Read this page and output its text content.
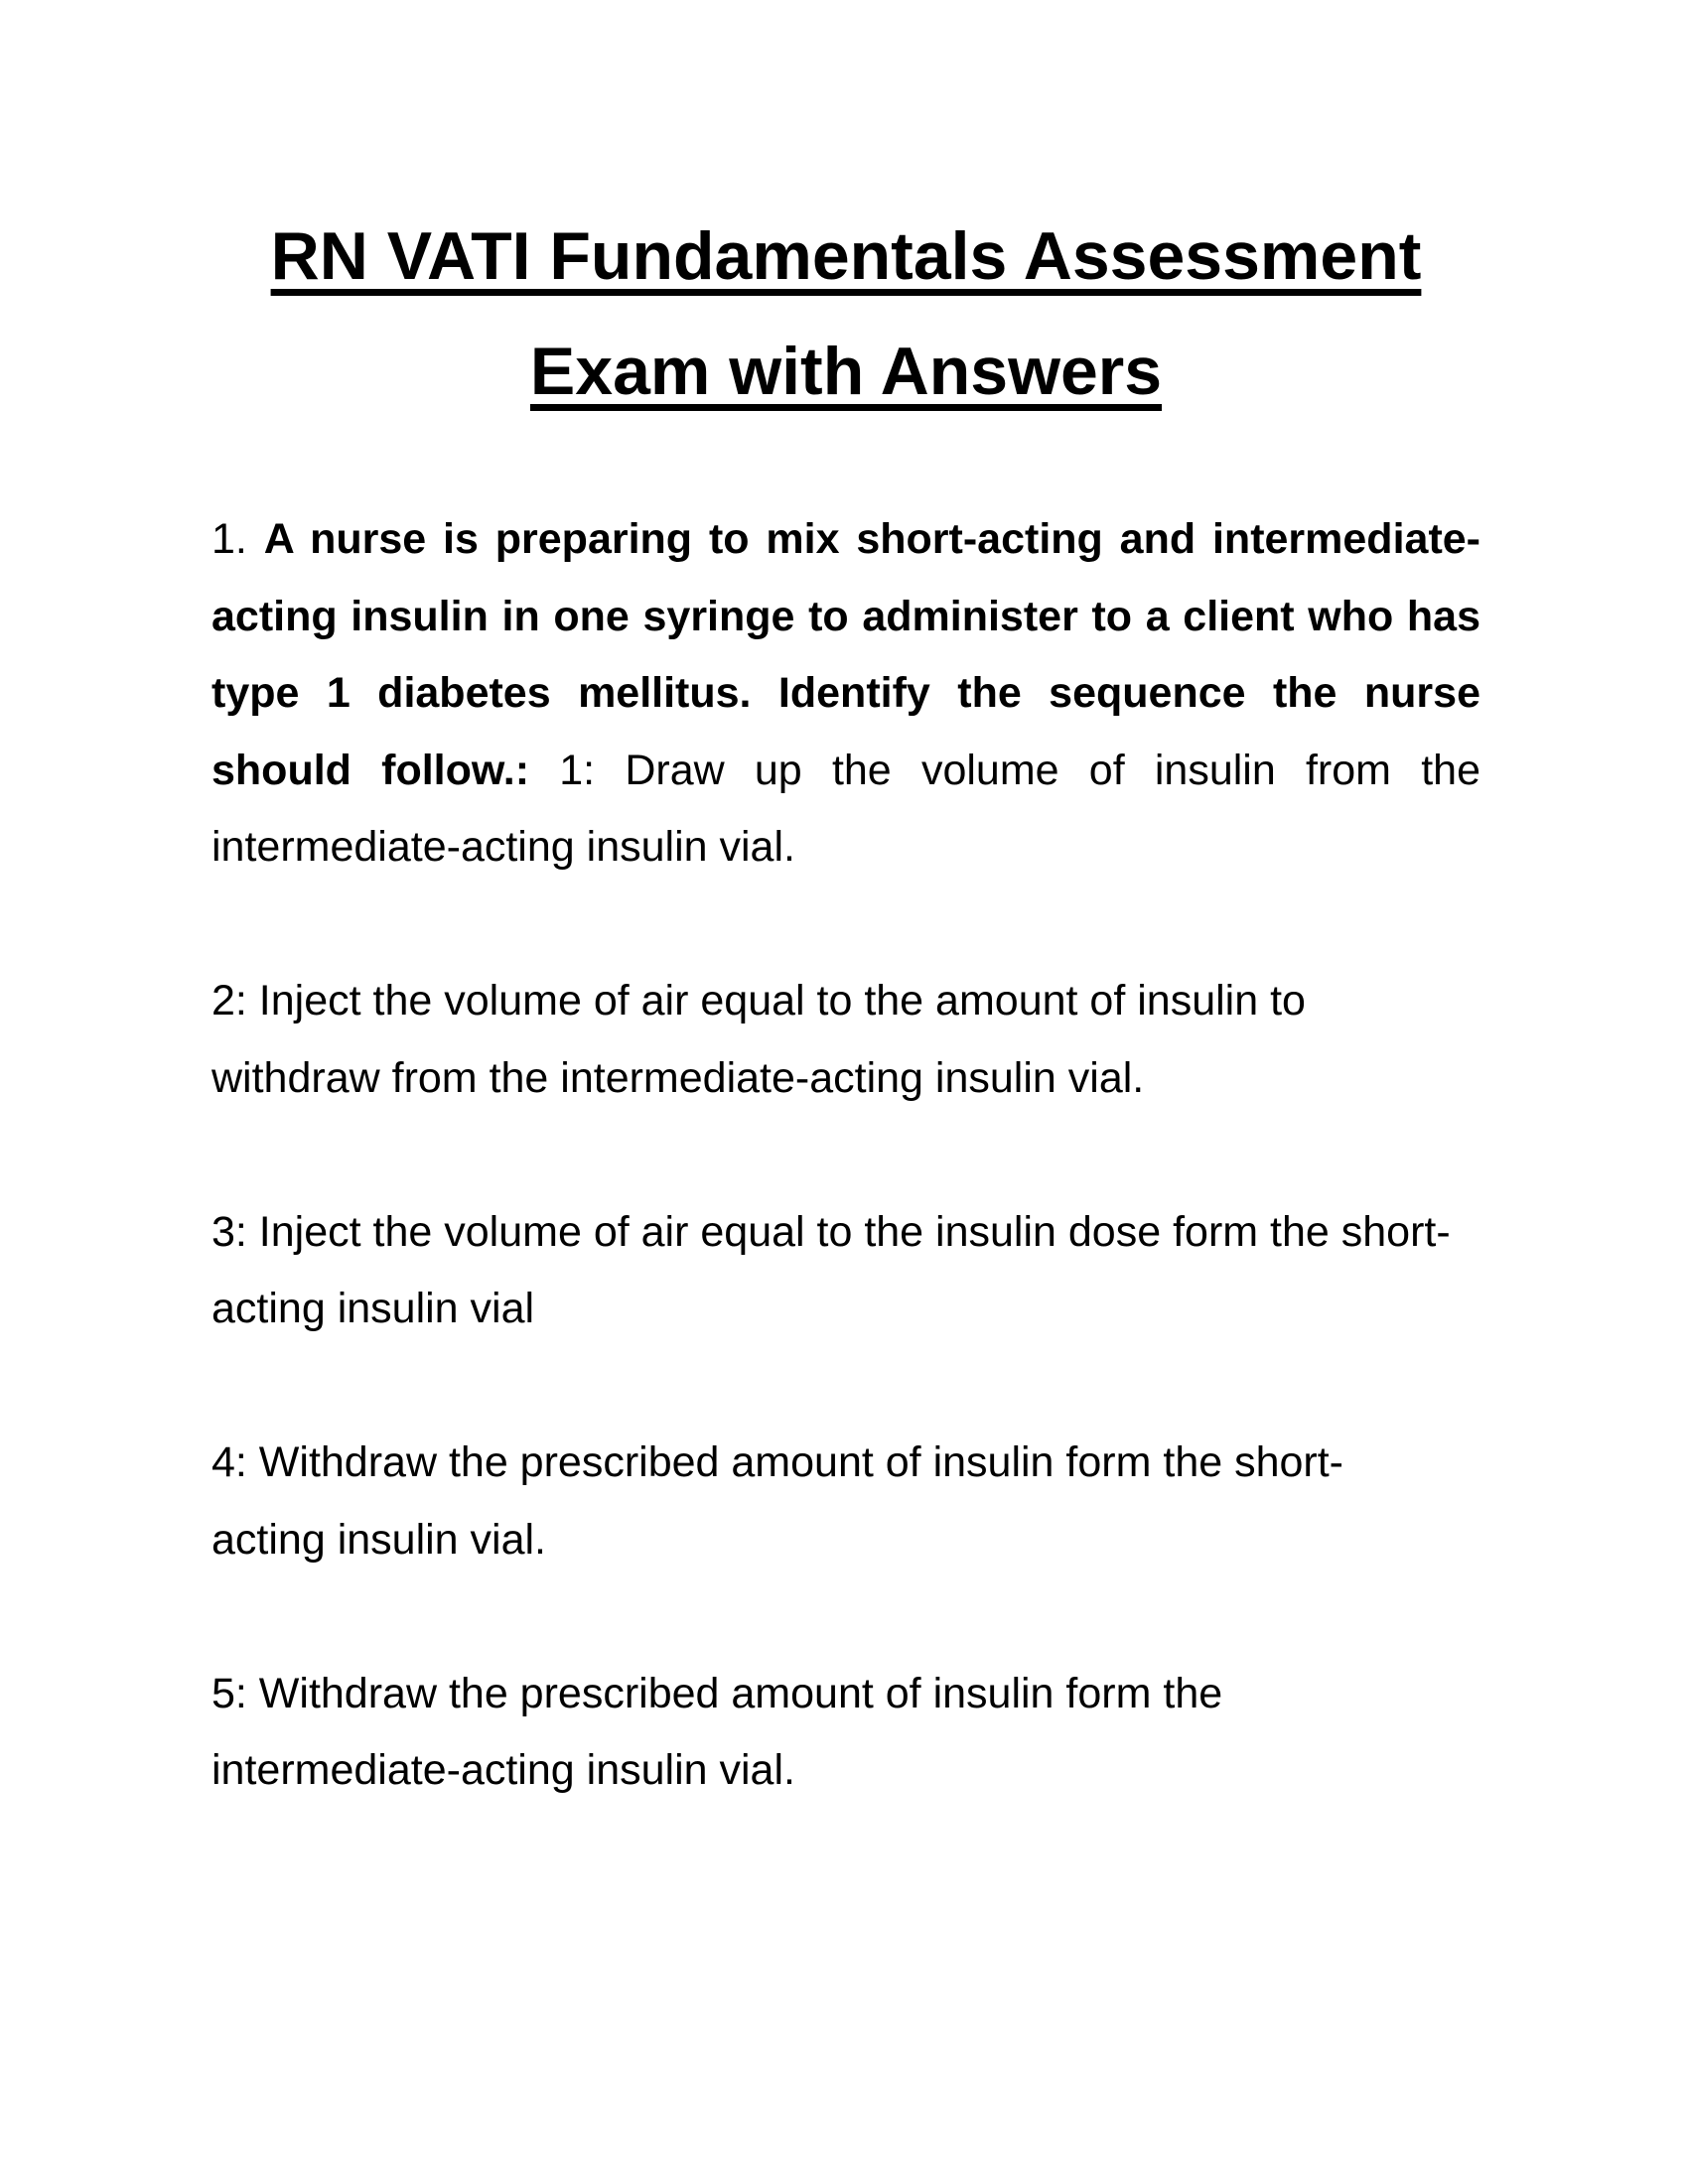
RN VATI Fundamentals Assessment
Exam with Answers

1. A nurse is preparing to mix short-acting and intermediate-acting insulin in one syringe to administer to a client who has type 1 diabetes mellitus. Identify the sequence the nurse should follow.: 1: Draw up the volume of insulin from the intermediate-acting insulin vial.

2: Inject the volume of air equal to the amount of insulin to withdraw from the intermediate-acting insulin vial.

3: Inject the volume of air equal to the insulin dose form the short-acting insulin vial

4: Withdraw the prescribed amount of insulin form the short-acting insulin vial.

5: Withdraw the prescribed amount of insulin form the intermediate-acting insulin vial.
